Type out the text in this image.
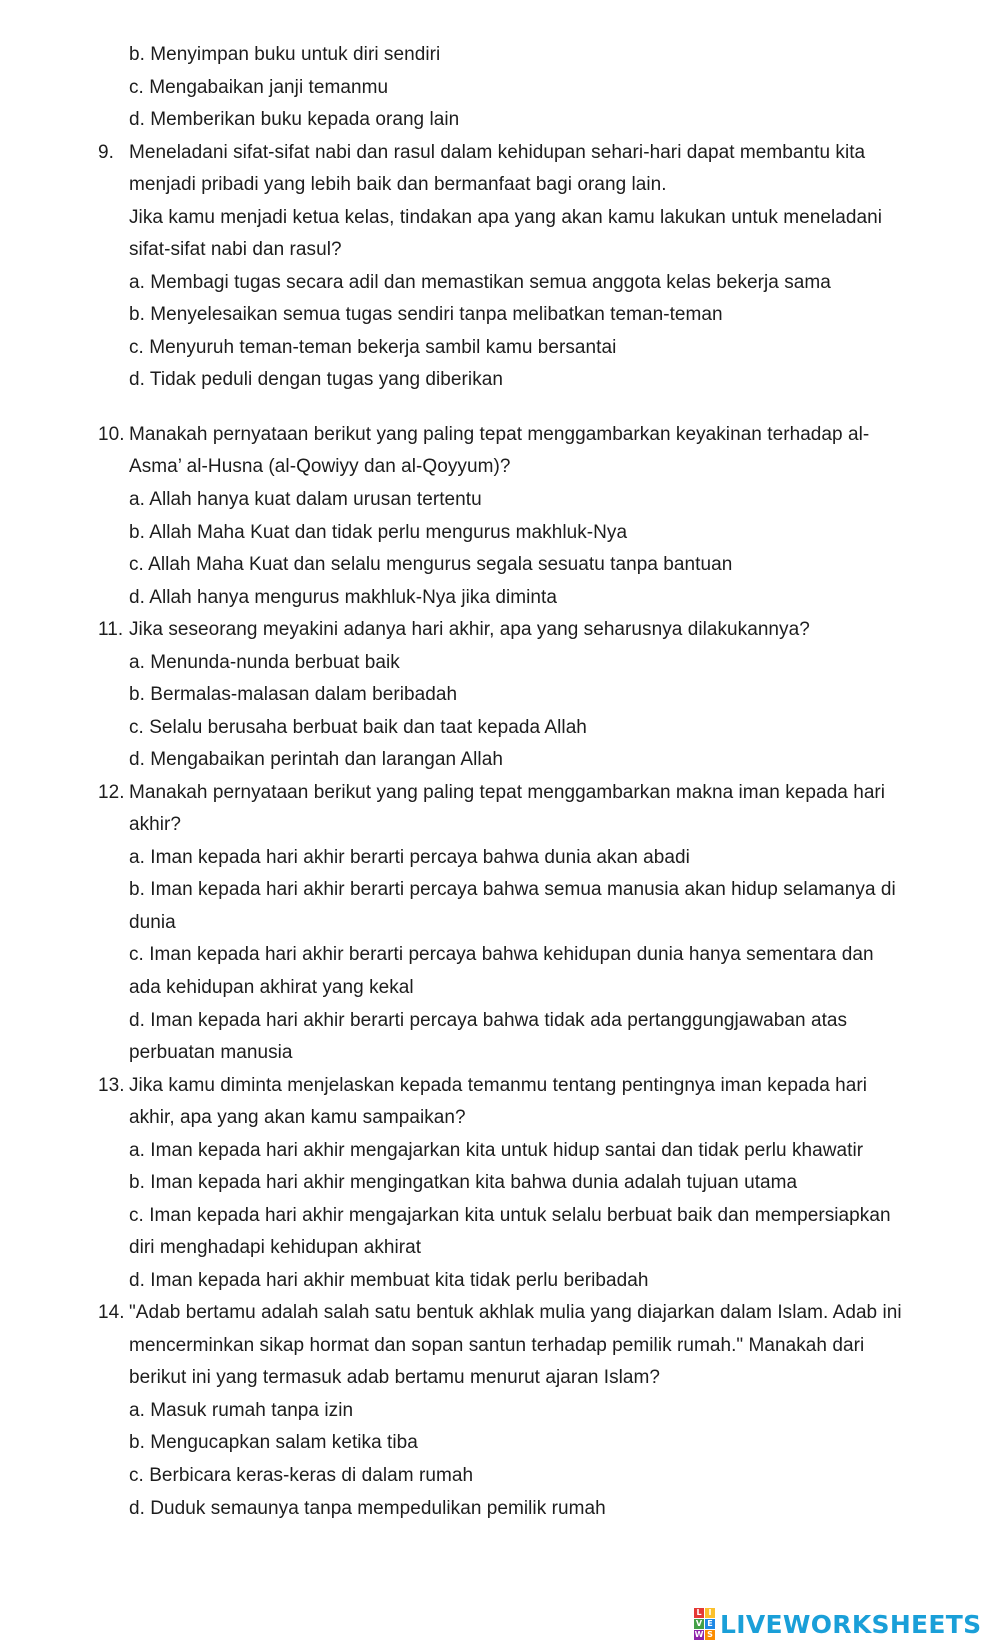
b. Menyimpan buku untuk diri sendiri
c. Mengabaikan janji temanmu
d. Memberikan buku kepada orang lain
9. Meneladani sifat-sifat nabi dan rasul dalam kehidupan sehari-hari dapat membantu kita
menjadi pribadi yang lebih baik dan bermanfaat bagi orang lain.
Jika kamu menjadi ketua kelas, tindakan apa yang akan kamu lakukan untuk meneladani
sifat-sifat nabi dan rasul?
a. Membagi tugas secara adil dan memastikan semua anggota kelas bekerja sama
b. Menyelesaikan semua tugas sendiri tanpa melibatkan teman-teman
c. Menyuruh teman-teman bekerja sambil kamu bersantai
d. Tidak peduli dengan tugas yang diberikan
10. Manakah pernyataan berikut yang paling tepat menggambarkan keyakinan terhadap al-
Asma’ al-Husna (al-Qowiyy dan al-Qoyyum)?
a. Allah hanya kuat dalam urusan tertentu
b. Allah Maha Kuat dan tidak perlu mengurus makhluk-Nya
c. Allah Maha Kuat dan selalu mengurus segala sesuatu tanpa bantuan
d. Allah hanya mengurus makhluk-Nya jika diminta
11. Jika seseorang meyakini adanya hari akhir, apa yang seharusnya dilakukannya?
a. Menunda-nunda berbuat baik
b. Bermalas-malasan dalam beribadah
c. Selalu berusaha berbuat baik dan taat kepada Allah
d. Mengabaikan perintah dan larangan Allah
12. Manakah pernyataan berikut yang paling tepat menggambarkan makna iman kepada hari
akhir?
a. Iman kepada hari akhir berarti percaya bahwa dunia akan abadi
b. Iman kepada hari akhir berarti percaya bahwa semua manusia akan hidup selamanya di
dunia
c. Iman kepada hari akhir berarti percaya bahwa kehidupan dunia hanya sementara dan
ada kehidupan akhirat yang kekal
d. Iman kepada hari akhir berarti percaya bahwa tidak ada pertanggungjawaban atas
perbuatan manusia
13. Jika kamu diminta menjelaskan kepada temanmu tentang pentingnya iman kepada hari
akhir, apa yang akan kamu sampaikan?
a. Iman kepada hari akhir mengajarkan kita untuk hidup santai dan tidak perlu khawatir
b. Iman kepada hari akhir mengingatkan kita bahwa dunia adalah tujuan utama
c. Iman kepada hari akhir mengajarkan kita untuk selalu berbuat baik dan mempersiapkan
diri menghadapi kehidupan akhirat
d. Iman kepada hari akhir membuat kita tidak perlu beribadah
14. "Adab bertamu adalah salah satu bentuk akhlak mulia yang diajarkan dalam Islam. Adab ini
mencerminkan sikap hormat dan sopan santun terhadap pemilik rumah." Manakah dari
berikut ini yang termasuk adab bertamu menurut ajaran Islam?
a. Masuk rumah tanpa izin
b. Mengucapkan salam ketika tiba
c. Berbicara keras-keras di dalam rumah
d. Duduk semaunya tanpa mempedulikan pemilik rumah
L I
V E
W S LIVEWORKSHEETS
